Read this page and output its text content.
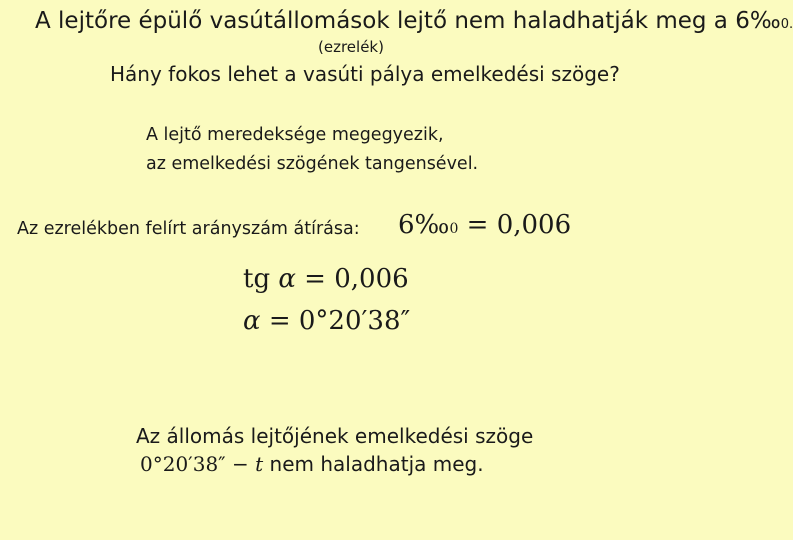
A lejtőre épülő vasútállomások lejtő nem haladhatják meg a 6‰0.
(ezrelék)
Hány fokos lehet a vasúti pálya emelkedési szöge?
A lejtő meredeksége megegyezik,
az emelkedési szögének tangensével.
Az ezrelékben felírt arányszám átírása: 6‰0 = 0,006
tg α = 0,006
α = 0°20′38″
Az állomás lejtőjének emelkedési szöge
0°20′38″ − t nem haladhatja meg.
